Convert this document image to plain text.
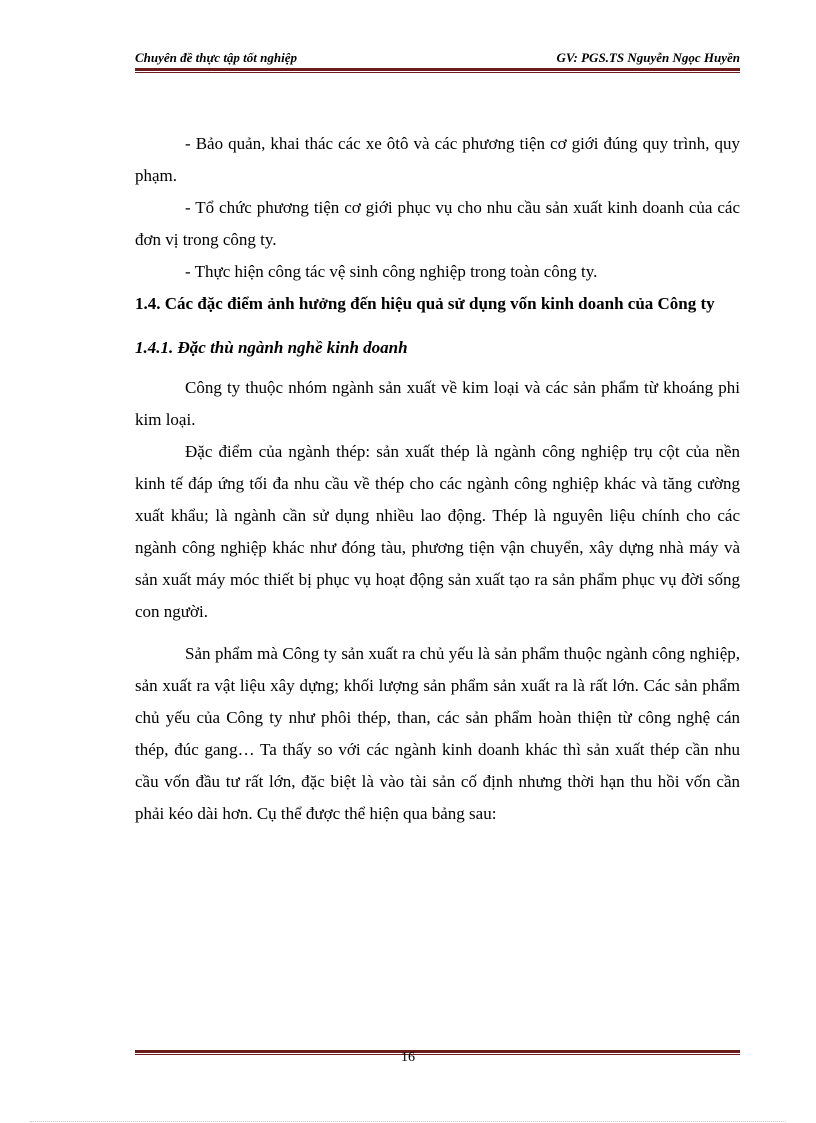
Chuyên đề thực tập tốt nghiệp	GV: PGS.TS Nguyễn Ngọc Huyền

- Bảo quản, khai thác các xe ôtô và các phương tiện cơ giới đúng quy trình, quy phạm.

- Tổ chức phương tiện cơ giới phục vụ cho nhu cầu sản xuất kinh doanh của các đơn vị trong công ty.

- Thực hiện công tác vệ sinh công nghiệp trong toàn công ty.

1.4. Các đặc điểm ảnh hưởng đến hiệu quả sử dụng vốn kinh doanh của Công ty

1.4.1. Đặc thù ngành nghề kinh doanh

Công ty thuộc nhóm ngành sản xuất về kim loại và các sản phẩm từ khoáng phi kim loại.

Đặc điểm của ngành thép: sản xuất thép là ngành công nghiệp trụ cột của nền kinh tế đáp ứng tối đa nhu cầu về thép cho các ngành công nghiệp khác và tăng cường xuất khẩu; là ngành cần sử dụng nhiều lao động. Thép là nguyên liệu chính cho các ngành công nghiệp khác như đóng tàu, phương tiện vận chuyển, xây dựng nhà máy và sản xuất máy móc thiết bị phục vụ hoạt động sản xuất tạo ra sản phẩm phục vụ đời sống con người.

Sản phẩm mà Công ty sản xuất ra chủ yếu là sản phẩm thuộc ngành công nghiệp, sản xuất ra vật liệu xây dựng; khối lượng sản phẩm sản xuất ra là rất lớn. Các sản phẩm chủ yếu của Công ty như phôi thép, than, các sản phẩm hoàn thiện từ công nghệ cán thép, đúc gang… Ta thấy so với các ngành kinh doanh khác thì sản xuất thép cần nhu cầu vốn đầu tư rất lớn, đặc biệt là vào tài sản cố định nhưng thời hạn thu hồi vốn cần phải kéo dài hơn. Cụ thể được thể hiện qua bảng sau:

16
